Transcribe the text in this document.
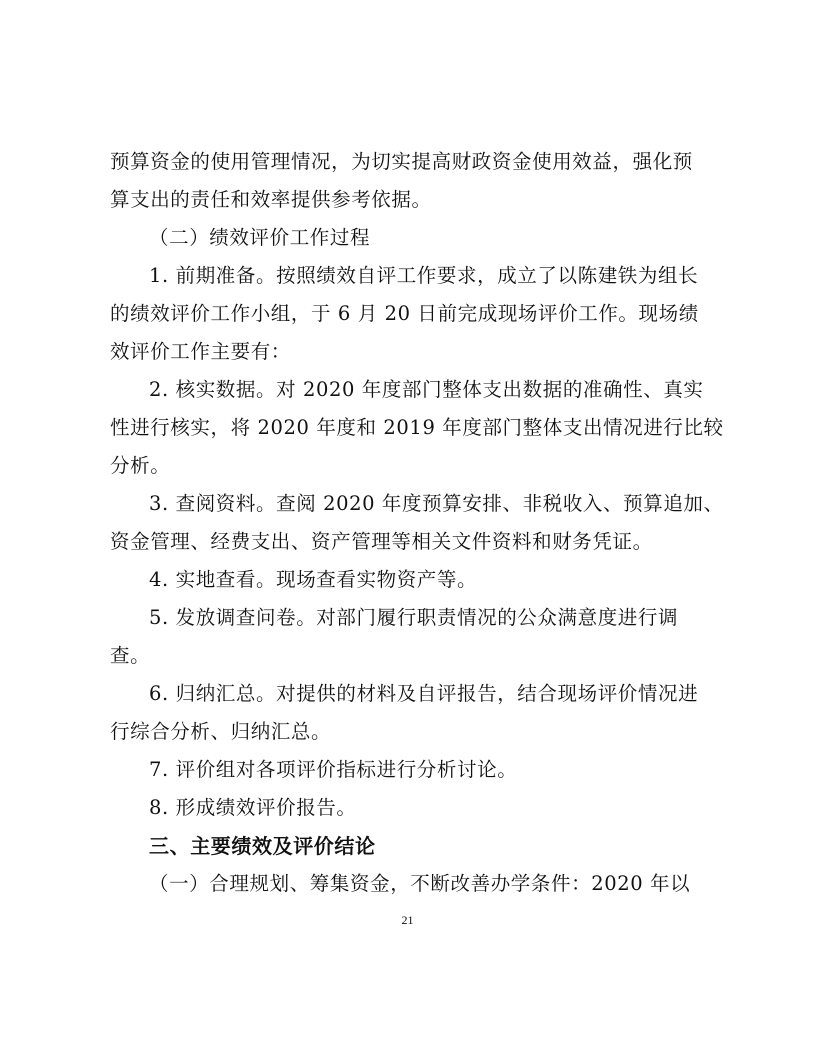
预算资金的使用管理情况，为切实提高财政资金使用效益，强化预
算支出的责任和效率提供参考依据。
（二）绩效评价工作过程
1. 前期准备。按照绩效自评工作要求，成立了以陈建铁为组长
的绩效评价工作小组，于 6 月 20 日前完成现场评价工作。现场绩
效评价工作主要有：
2. 核实数据。对 2020 年度部门整体支出数据的准确性、真实
性进行核实，将 2020 年度和 2019 年度部门整体支出情况进行比较
分析。
3. 查阅资料。查阅 2020 年度预算安排、非税收入、预算追加、
资金管理、经费支出、资产管理等相关文件资料和财务凭证。
4. 实地查看。现场查看实物资产等。
5. 发放调查问卷。对部门履行职责情况的公众满意度进行调
查。
6. 归纳汇总。对提供的材料及自评报告，结合现场评价情况进
行综合分析、归纳汇总。
7. 评价组对各项评价指标进行分析讨论。
8. 形成绩效评价报告。
三、主要绩效及评价结论
（一）合理规划、筹集资金，不断改善办学条件：2020 年以
21
